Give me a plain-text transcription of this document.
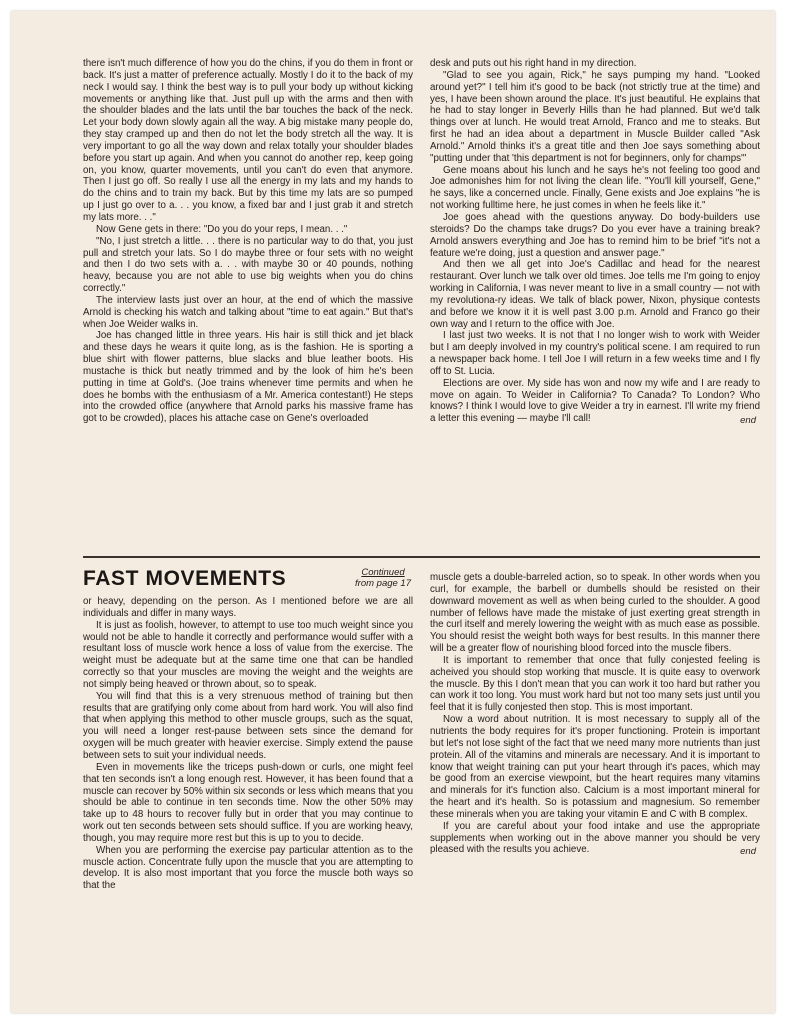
there isn't much difference of how you do the chins, if you do them in front or back. It's just a matter of preference actually. Mostly I do it to the back of my neck I would say. I think the best way is to pull your body up without kicking movements or anything like that. Just pull up with the arms and then with the shoulder blades and the lats until the bar touches the back of the neck. Let your body down slowly again all the way. A big mistake many people do, they stay cramped up and then do not let the body stretch all the way. It is very important to go all the way down and relax totally your shoulder blades before you start up again. And when you cannot do another rep, keep going on, you know, quarter movements, until you can't do even that anymore. Then I just go off. So really I use all the energy in my lats and my hands to do the chins and to train my back. But by this time my lats are so pumped up I just go over to a. . . you know, a fixed bar and I just grab it and stretch my lats more. . ."

Now Gene gets in there: "Do you do your reps, I mean. . ."

"No, I just stretch a little. . . there is no particular way to do that, you just pull and stretch your lats. So I do maybe three or four sets with no weight and then I do two sets with a. . . with maybe 30 or 40 pounds, nothing heavy, because you are not able to use big weights when you do chins correctly."

The interview lasts just over an hour, at the end of which the massive Arnold is checking his watch and talking about "time to eat again." But that's when Joe Weider walks in.

Joe has changed little in three years. His hair is still thick and jet black and these days he wears it quite long, as is the fashion. He is sporting a blue shirt with flower patterns, blue slacks and blue leather boots. His mustache is thick but neatly trimmed and by the look of him he's been putting in time at Gold's. (Joe trains whenever time permits and when he does he bombs with the enthusiasm of a Mr. America contestant!) He steps into the crowded office (anywhere that Arnold parks his massive frame has got to be crowded), places his attache case on Gene's overloaded

desk and puts out his right hand in my direction.

"Glad to see you again, Rick," he says pumping my hand. "Looked around yet?" I tell him it's good to be back (not strictly true at the time) and yes, I have been shown around the place. It's just beautiful. He explains that he had to stay longer in Beverly Hills than he had planned. But we'd talk things over at lunch. He would treat Arnold, Franco and me to steaks. But first he had an idea about a department in Muscle Builder called "Ask Arnold." Arnold thinks it's a great title and then Joe says something about "putting under that 'this department is not for beginners, only for champs'"

Gene moans about his lunch and he says he's not feeling too good and Joe admonishes him for not living the clean life. "You'll kill yourself, Gene," he says, like a concerned uncle. Finally, Gene exists and Joe explains "he is not working fulltime here, he just comes in when he feels like it."

Joe goes ahead with the questions anyway. Do body-builders use steroids? Do the champs take drugs? Do you ever have a training break? Arnold answers everything and Joe has to remind him to be brief "it's not a feature we're doing, just a question and answer page."

And then we all get into Joe's Cadillac and head for the nearest restaurant. Over lunch we talk over old times. Joe tells me I'm going to enjoy working in California, I was never meant to live in a small country — not with my revolutiona-ry ideas. We talk of black power, Nixon, physique contests and before we know it it is well past 3.00 p.m. Arnold and Franco go their own way and I return to the office with Joe.

I last just two weeks. It is not that I no longer wish to work with Weider but I am deeply involved in my country's political scene. I am required to run a newspaper back home. I tell Joe I will return in a few weeks time and I fly off to St. Lucia.

Elections are over. My side has won and now my wife and I are ready to move on again. To Weider in California? To Canada? To London? Who knows? I think I would love to give Weider a try in earnest. I'll write my friend a letter this evening — maybe I'll call!	end
FAST MOVEMENTS	Continued
from page 17

or heavy, depending on the person. As I mentioned before we are all individuals and differ in many ways.

It is just as foolish, however, to attempt to use too much weight since you would not be able to handle it correctly and performance would suffer with a resultant loss of muscle work hence a loss of value from the exercise. The weight must be adequate but at the same time one that can be handled correctly so that your muscles are moving the weight and the weights are not simply being heaved or thrown about, so to speak.

You will find that this is a very strenuous method of training but then results that are gratifying only come about from hard work. You will also find that when applying this method to other muscle groups, such as the squat, you will need a longer rest-pause between sets since the demand for oxygen will be much greater with heavier exercise. Simply extend the pause between sets to suit your individual needs.

Even in movements like the triceps push-down or curls, one might feel that ten seconds isn't a long enough rest. However, it has been found that a muscle can recover by 50% within six seconds or less which means that you should be able to continue in ten seconds time. Now the other 50% may take up to 48 hours to recover fully but in order that you may continue to work out ten seconds between sets should suffice. If you are working heavy, though, you may require more rest but this is up to you to decide.

When you are performing the exercise pay particular attention as to the muscle action. Concentrate fully upon the muscle that you are attempting to develop. It is also most important that you force the muscle both ways so that the

muscle gets a double-barreled action, so to speak. In other words when you curl, for example, the barbell or dumbells should be resisted on their downward movement as well as when being curled to the shoulder. A good number of fellows have made the mistake of just exerting great strength in the curl itself and merely lowering the weight with as much ease as possible. You should resist the weight both ways for best results. In this manner there will be a greater flow of nourishing blood forced into the muscle fibers.

It is important to remember that once that fully conjested feeling is acheived you should stop working that muscle. It is quite easy to overwork the muscle. By this I don't mean that you can work it too hard but rather you can work it too long. You must work hard but not too many sets just until you feel that it is fully conjested then stop. This is most important.

Now a word about nutrition. It is most necessary to supply all of the nutrients the body requires for it's proper functioning. Protein is important but let's not lose sight of the fact that we need many more nutrients than just protein. All of the vitamins and minerals are necessary. And it is important to know that weight training can put your heart through it's paces, which may be good from an exercise viewpoint, but the heart requires many vitamins and minerals for it's function also. Calcium is a most important mineral for the heart and it's health. So is potassium and magnesium. So remember these minerals when you are taking your vitamin E and C with B complex.

If you are careful about your food intake and use the appropriate supplements when working out in the above manner you should be very pleased with the results you achieve.	end
